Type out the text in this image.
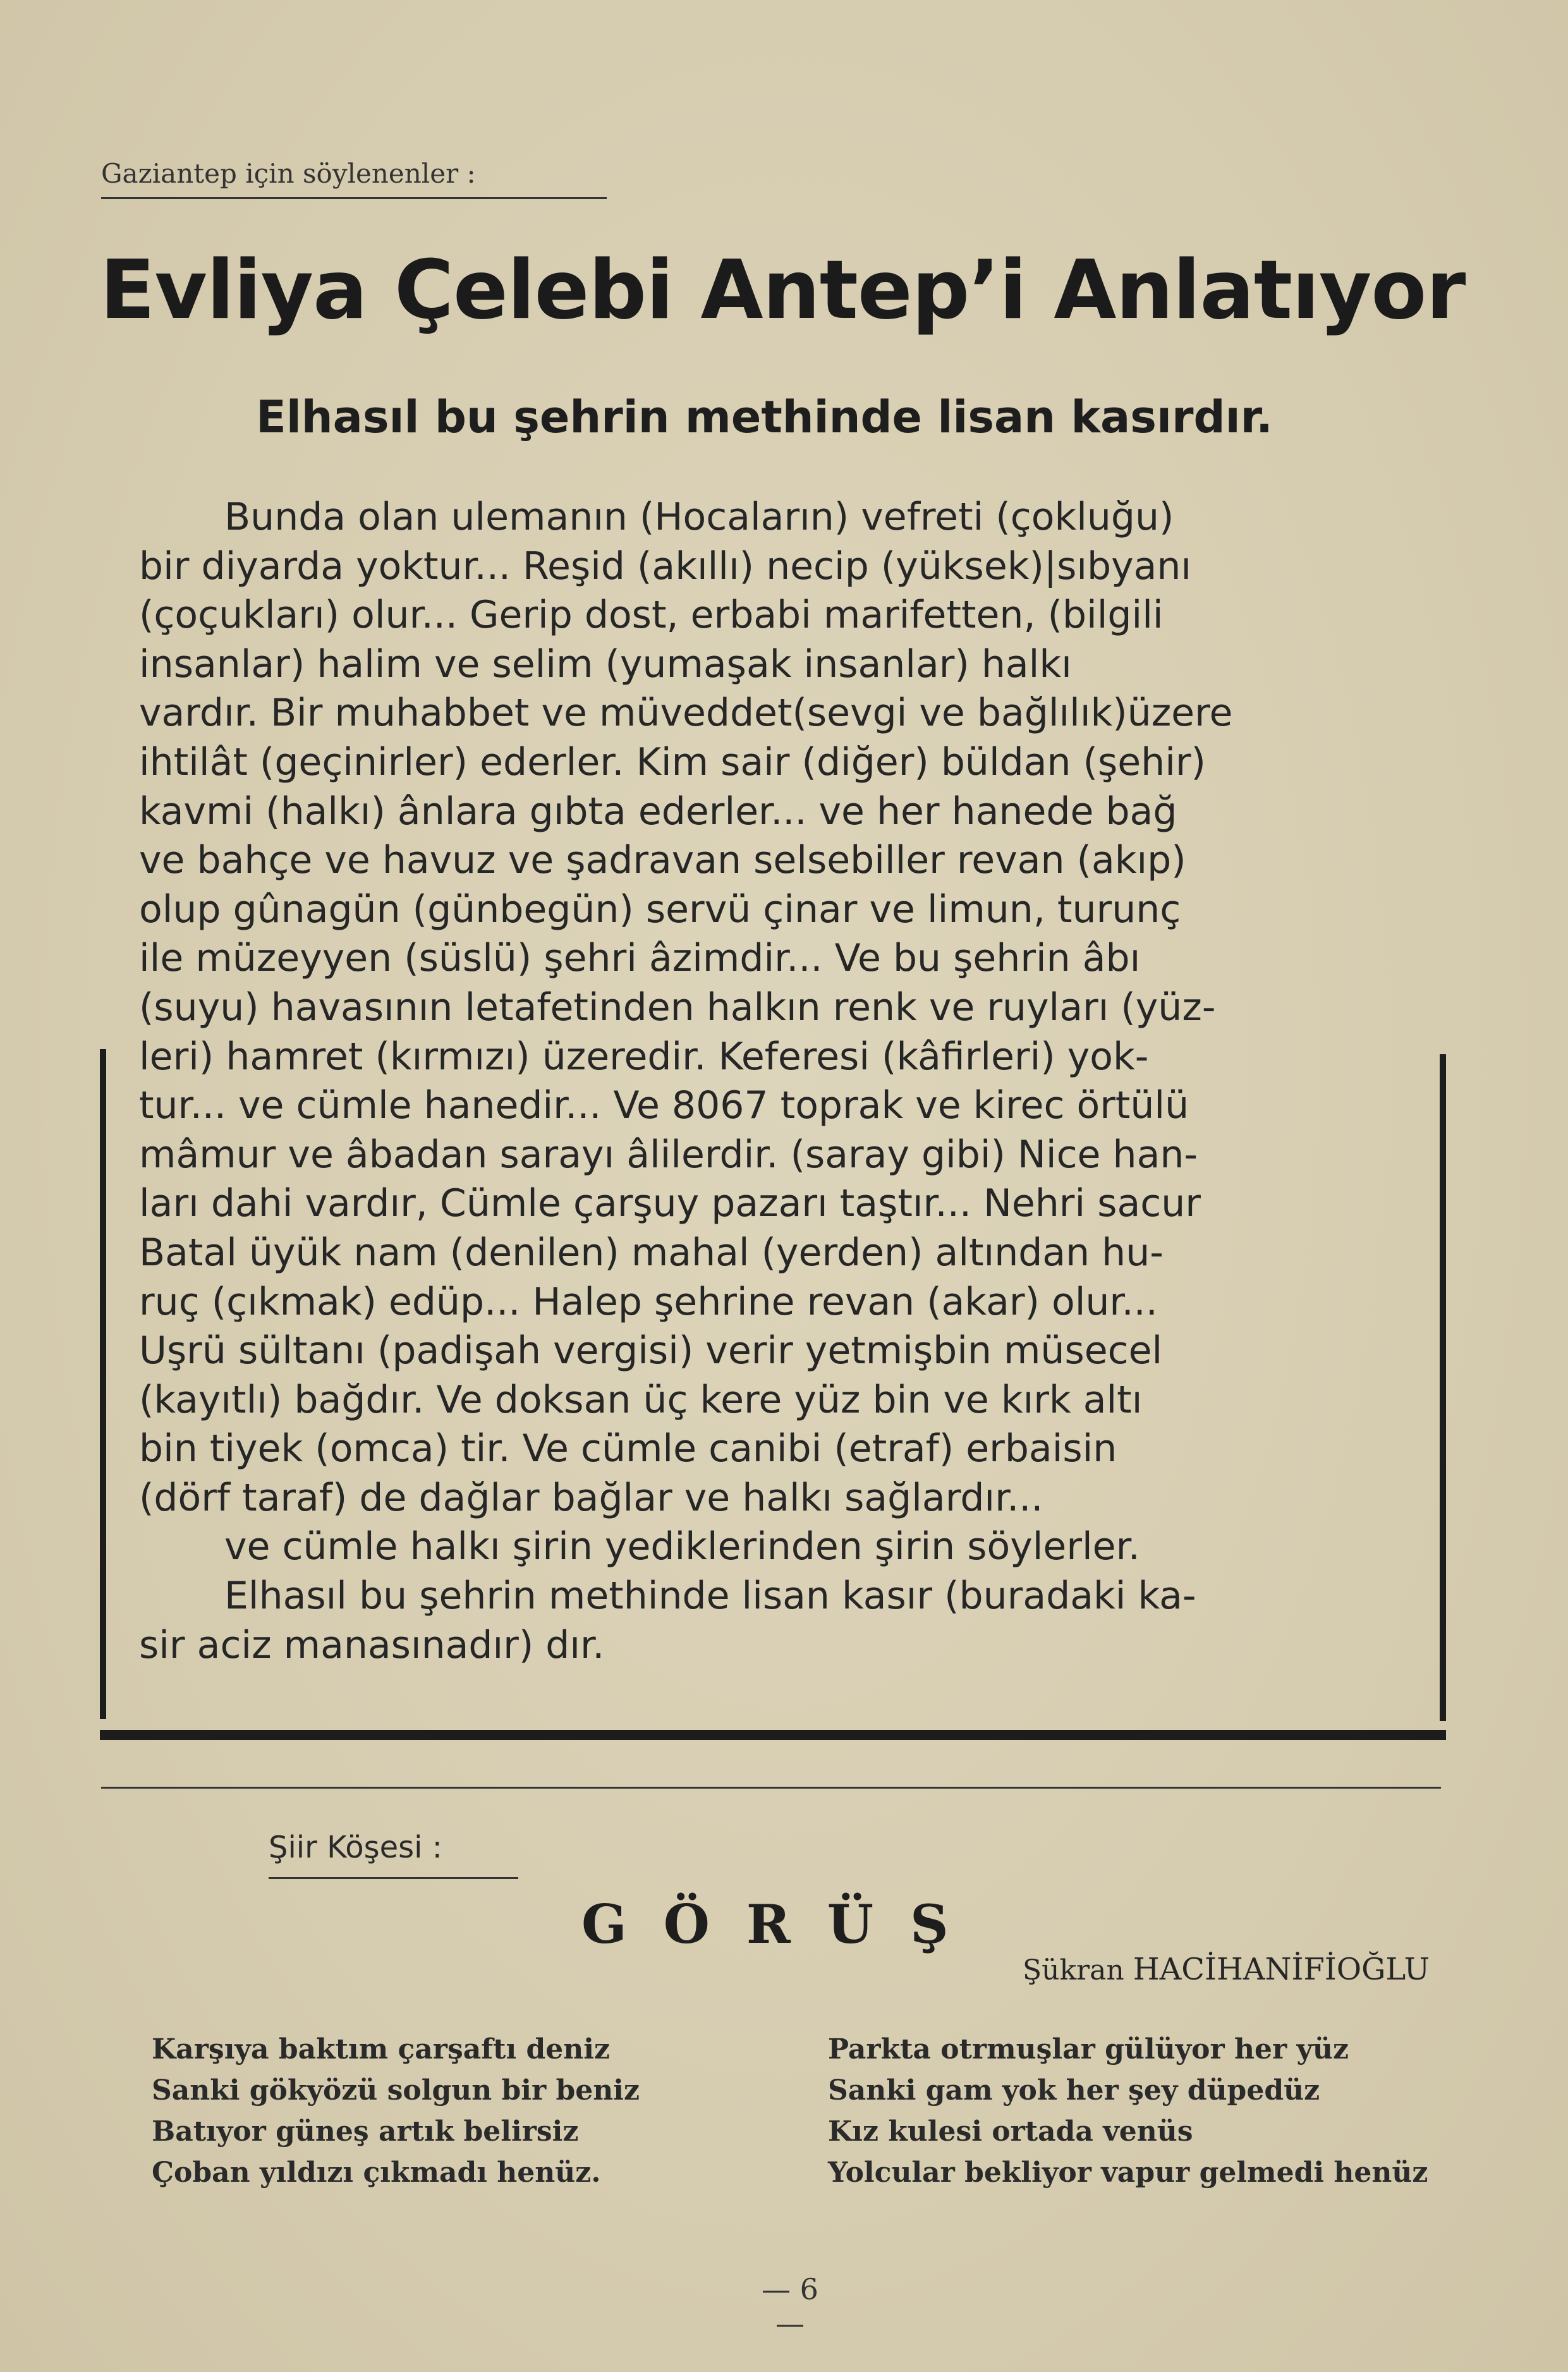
Gaziantep için söylenenler :
Evliya Çelebi Antep’i Anlatıyor
Elhasıl bu şehrin methinde lisan kasırdır.
Bunda olan ulemanın (Hocaların) vefreti (çokluğu)
bir diyarda yoktur... Reşid (akıllı) necip (yüksek)|sıbyanı
(çoçukları) olur... Gerip dost, erbabi marifetten, (bilgili
insanlar) halim ve selim (yumaşak insanlar) halkı
vardır. Bir muhabbet ve müveddet(sevgi ve bağlılık)üzere
ihtilât (geçinirler) ederler. Kim sair (diğer) büldan (şehir)
kavmi (halkı) ânlara gıbta ederler... ve her hanede bağ
ve bahçe ve havuz ve şadravan selsebiller revan (akıp)
olup gûnagün (günbegün) servü çinar ve limun, turunç
ile müzeyyen (süslü) şehri âzimdir... Ve bu şehrin âbı
(suyu) havasının letafetinden halkın renk ve ruyları (yüz-
leri) hamret (kırmızı) üzeredir. Keferesi (kâfirleri) yok-
tur... ve cümle hanedir... Ve 8067 toprak ve kirec örtülü
mâmur ve âbadan sarayı âlilerdir. (saray gibi) Nice han-
ları dahi vardır, Cümle çarşuy pazarı taştır... Nehri sacur
Batal üyük nam (denilen) mahal (yerden) altından hu-
ruç (çıkmak) edüp... Halep şehrine revan (akar) olur...
Uşrü sültanı (padişah vergisi) verir yetmişbin müsecel
(kayıtlı) bağdır. Ve doksan üç kere yüz bin ve kırk altı
bin tiyek (omca) tir. Ve cümle canibi (etraf) erbaisin
(dörf taraf) de dağlar bağlar ve halkı sağlardır...
ve cümle halkı şirin yediklerinden şirin söylerler.
Elhasıl bu şehrin methinde lisan kasır (buradaki ka-
sir aciz manasınadır) dır.
Şiir Köşesi :
GÖRÜŞ
Şükran HACİHANİFİOĞLU
Karşıya baktım çarşaftı deniz
Sanki gökyözü solgun bir beniz
Batıyor güneş artık belirsiz
Çoban yıldızı çıkmadı henüz.
Parkta otrmuşlar gülüyor her yüz
Sanki gam yok her şey düpedüz
Kız kulesi ortada venüs
Yolcular bekliyor vapur gelmedi henüz
— 6 —
